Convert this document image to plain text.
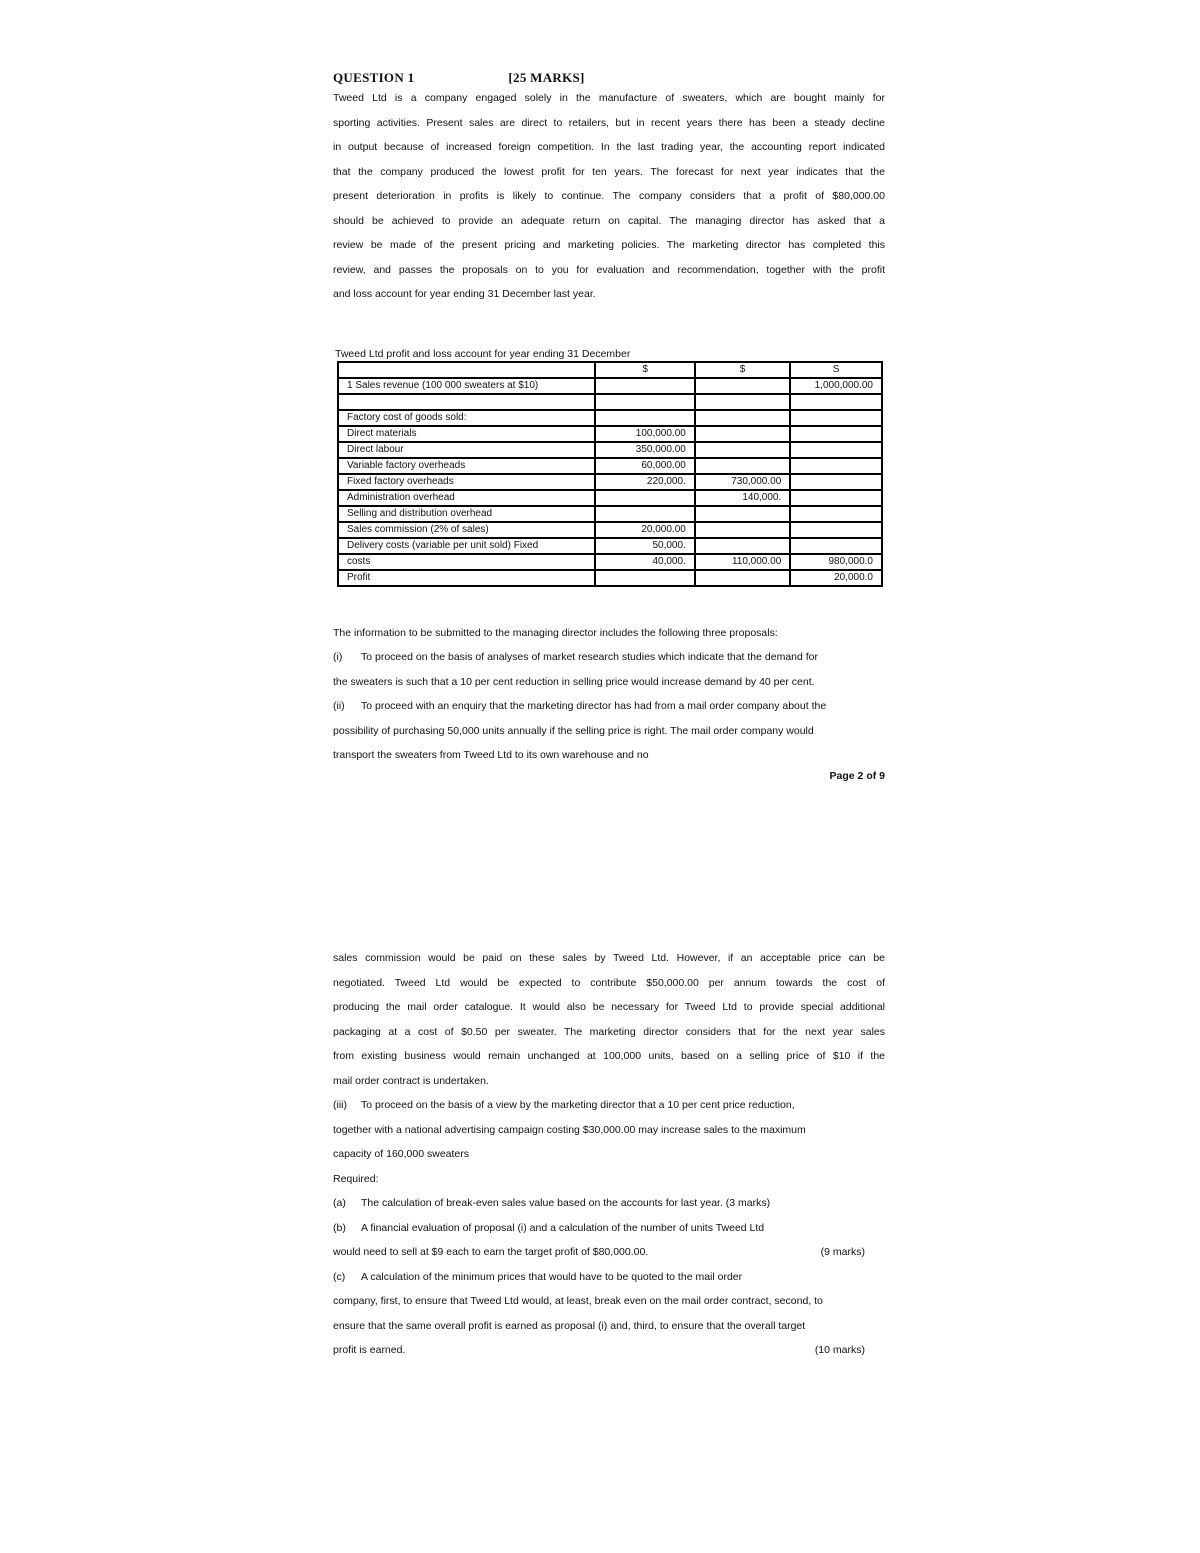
QUESTION 1	[25 MARKS]

Tweed Ltd is a company engaged solely in the manufacture of sweaters, which are bought mainly for

sporting activities. Present sales are direct to retailers, but in recent years there has been a steady decline

in output because of increased foreign competition. In the last trading year, the accounting report indicated

that the company produced the lowest profit for ten years. The forecast for next year indicates that the

present deterioration in profits is likely to continue. The company considers that a profit of $80,000.00

should be achieved to provide an adequate return on capital. The managing director has asked that a

review be made of the present pricing and marketing policies. The marketing director has completed this

review, and passes the proposals on to you for evaluation and recommendation, together with the profit

and loss account for year ending 31 December last year.

Tweed Ltd profit and loss account for year ending 31 December
	$	$	S
1 Sales revenue (100 000 sweaters at $10)			1,000,000.00

Factory cost of goods sold:			
Direct materials	100,000.00		
Direct labour	350,000.00		
Variable factory overheads	60,000.00		
Fixed factory overheads	220,000.	730,000.00	
Administration overhead		140,000.	
Selling and distribution overhead			
Sales commission (2% of sales)	20,000.00		
Delivery costs (variable per unit sold) Fixed	50,000.		
costs	40,000.	110,000.00	980,000.0
Profit			20,000.0
The information to be submitted to the managing director includes the following three proposals:

(i) To proceed on the basis of analyses of market research studies which indicate that the demand for
the sweaters is such that a 10 per cent reduction in selling price would increase demand by 40 per cent.

(ii) To proceed with an enquiry that the marketing director has had from a mail order company about the
possibility of purchasing 50,000 units annually if the selling price is right. The mail order company would
transport the sweaters from Tweed Ltd to its own warehouse and no

Page 2 of 9

sales commission would be paid on these sales by Tweed Ltd. However, if an acceptable price can be

negotiated. Tweed Ltd would be expected to contribute $50,000.00 per annum towards the cost of

producing the mail order catalogue. It would also be necessary for Tweed Ltd to provide special additional

packaging at a cost of $0.50 per sweater. The marketing director considers that for the next year sales

from existing business would remain unchanged at 100,000 units, based on a selling price of $10 if the

mail order contract is undertaken.

(iii) To proceed on the basis of a view by the marketing director that a 10 per cent price reduction,
together with a national advertising campaign costing $30,000.00 may increase sales to the maximum
capacity of 160,000 sweaters

Required:

(a) The calculation of break-even sales value based on the accounts for last year. (3 marks)

(b) A financial evaluation of proposal (i) and a calculation of the number of units Tweed Ltd
would need to sell at $9 each to earn the target profit of $80,000.00.	(9 marks)

(c) A calculation of the minimum prices that would have to be quoted to the mail order

company, first, to ensure that Tweed Ltd would, at least, break even on the mail order contract, second, to
ensure that the same overall profit is earned as proposal (i) and, third, to ensure that the overall target
profit is earned.	(10 marks)
